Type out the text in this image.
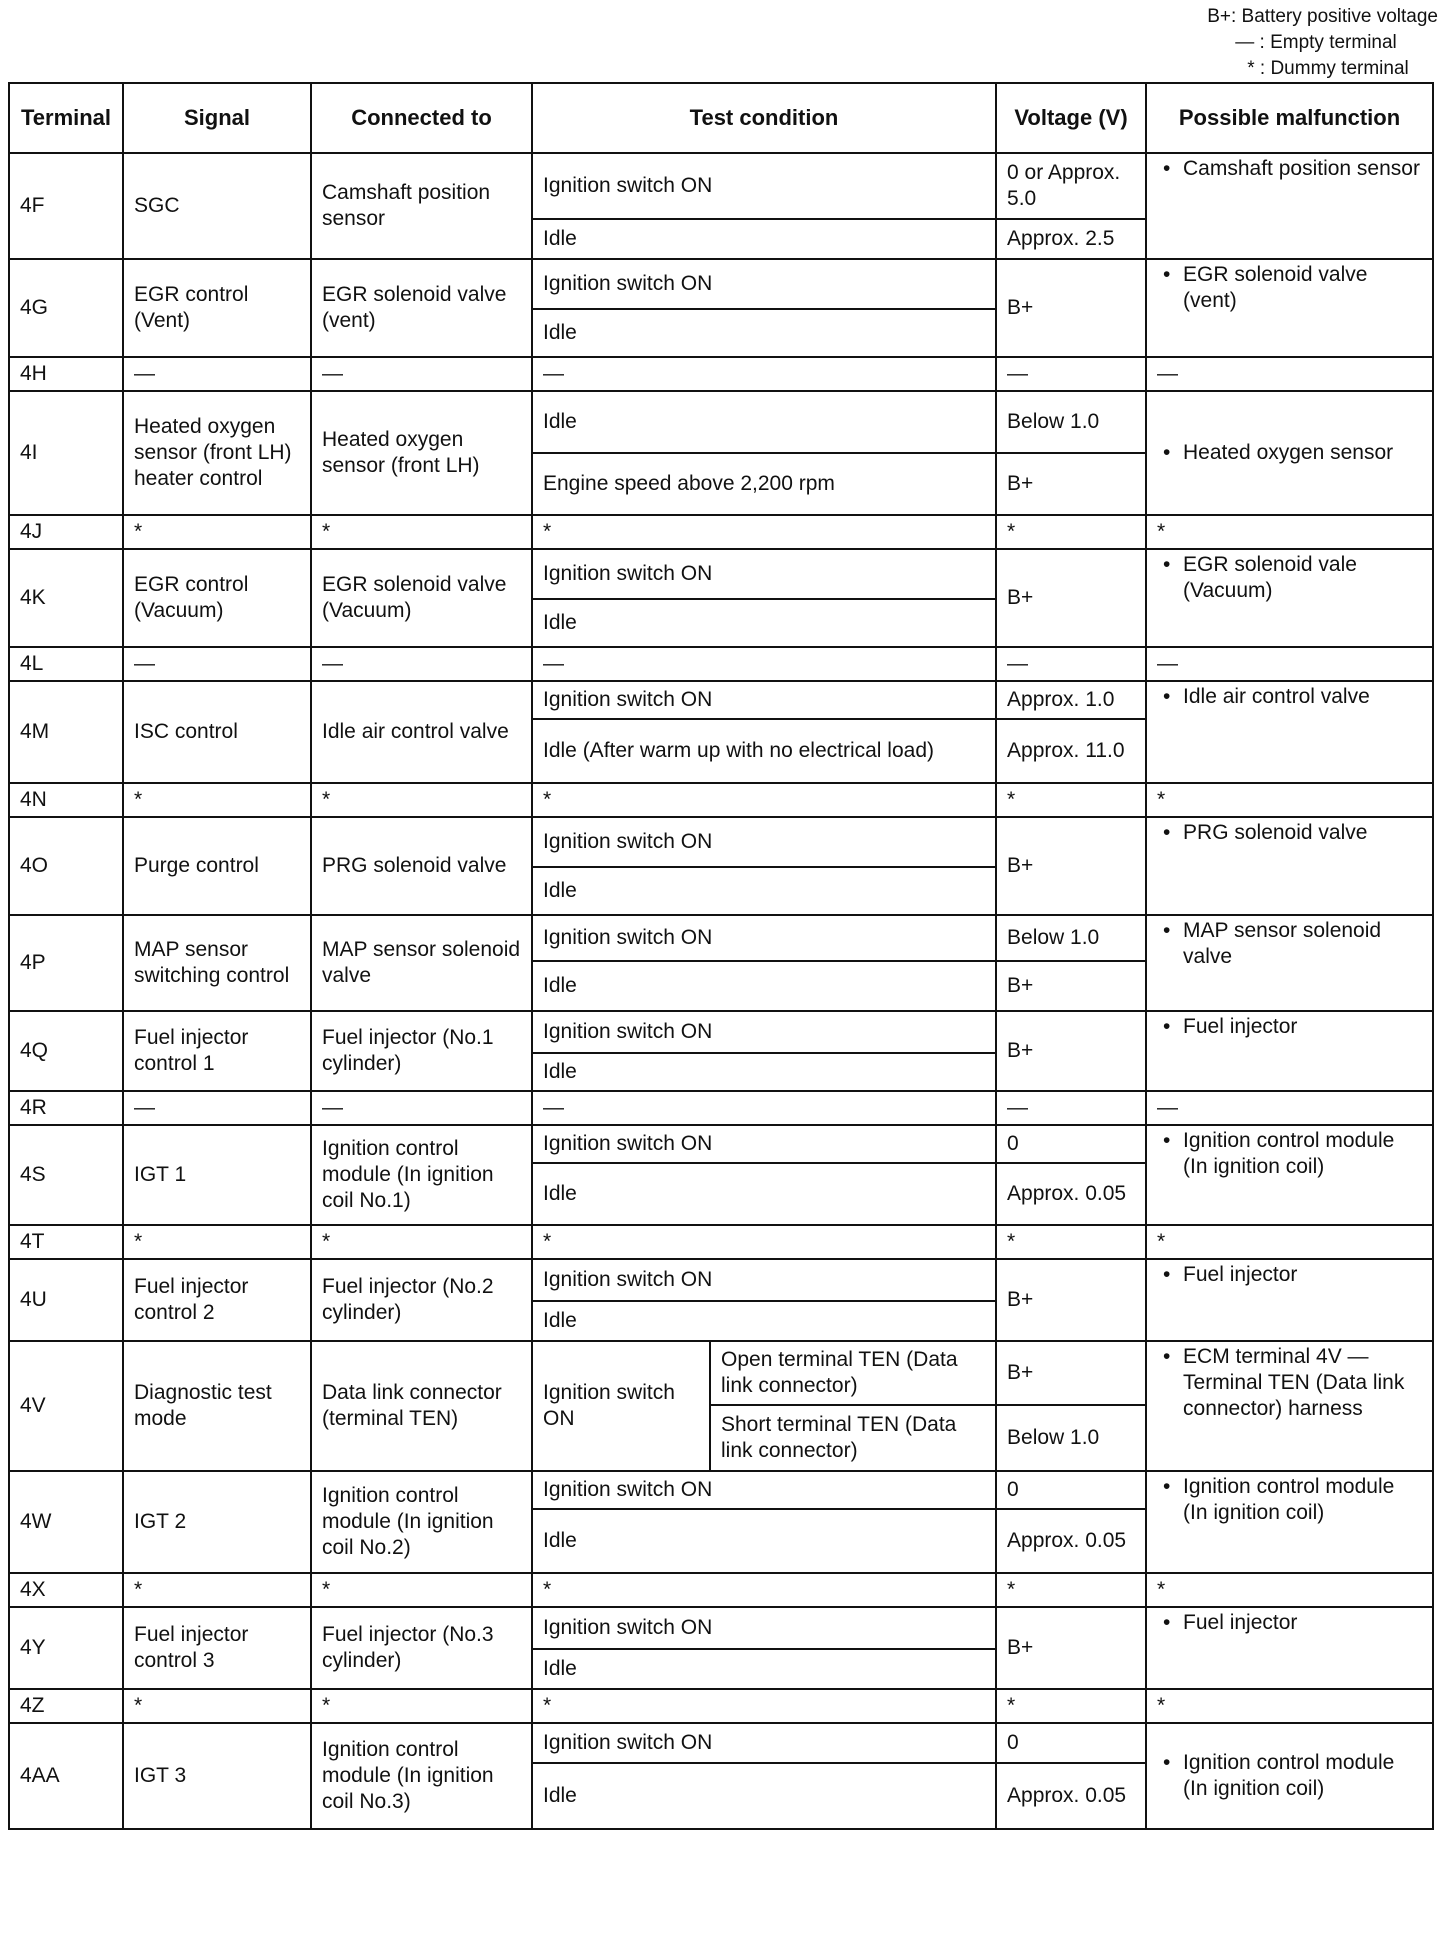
B+: Battery positive voltage
— : Empty terminal
* : Dummy terminal
Terminal	Signal	Connected to	Test condition		Voltage (V)	Possible malfunction
4F	SGC	Camshaft position sensor	Ignition switch ON		0 or Approx. 5.0	• Camshaft position sensor

			Idle		Approx. 2.5	
4G	EGR control (Vent)	EGR solenoid valve (vent)	Ignition switch ON		B+	• EGR solenoid valve (vent)

			Idle			
4H	—	—	—		—	—
4I	Heated oxygen sensor (front LH) heater control	Heated oxygen sensor (front LH)	Idle		Below 1.0	• Heated oxygen sensor

			Engine speed above 2,200 rpm		B+	
4J	*	*	*		*	*
4K	EGR control (Vacuum)	EGR solenoid valve (Vacuum)	Ignition switch ON		B+	• EGR solenoid vale (Vacuum)

			Idle			
4L	—	—	—		—	—
4M	ISC control	Idle air control valve	Ignition switch ON		Approx. 1.0	• Idle air control valve

			Idle (After warm up with no electrical load)		Approx. 11.0	
4N	*	*	*		*	*
4O	Purge control	PRG solenoid valve	Ignition switch ON		B+	• PRG solenoid valve

			Idle			
4P	MAP sensor switching control	MAP sensor solenoid valve	Ignition switch ON		Below 1.0	• MAP sensor solenoid valve

			Idle		B+	
4Q	Fuel injector control 1	Fuel injector (No.1 cylinder)	Ignition switch ON		B+	• Fuel injector

			Idle			
4R	—	—	—		—	—
4S	IGT 1	Ignition control module (In ignition coil No.1)	Ignition switch ON		0	• Ignition control module (In ignition coil)

			Idle		Approx. 0.05	
4T	*	*	*		*	*
4U	Fuel injector control 2	Fuel injector (No.2 cylinder)	Ignition switch ON		B+	• Fuel injector

			Idle			
4V	Diagnostic test mode	Data link connector (terminal TEN)	Ignition switch ON	Open terminal TEN (Data link connector)	B+	• ECM terminal 4V — Terminal TEN (Data link connector) harness

				Short terminal TEN (Data link connector)	Below 1.0	
4W	IGT 2	Ignition control module (In ignition coil No.2)	Ignition switch ON		0	• Ignition control module (In ignition coil)

			Idle		Approx. 0.05	
4X	*	*	*		*	*
4Y	Fuel injector control 3	Fuel injector (No.3 cylinder)	Ignition switch ON		B+	• Fuel injector

			Idle			
4Z	*	*	*		*	*
4AA	IGT 3	Ignition control module (In ignition coil No.3)	Ignition switch ON		0	• Ignition control module (In ignition coil)

			Idle		Approx. 0.05	
